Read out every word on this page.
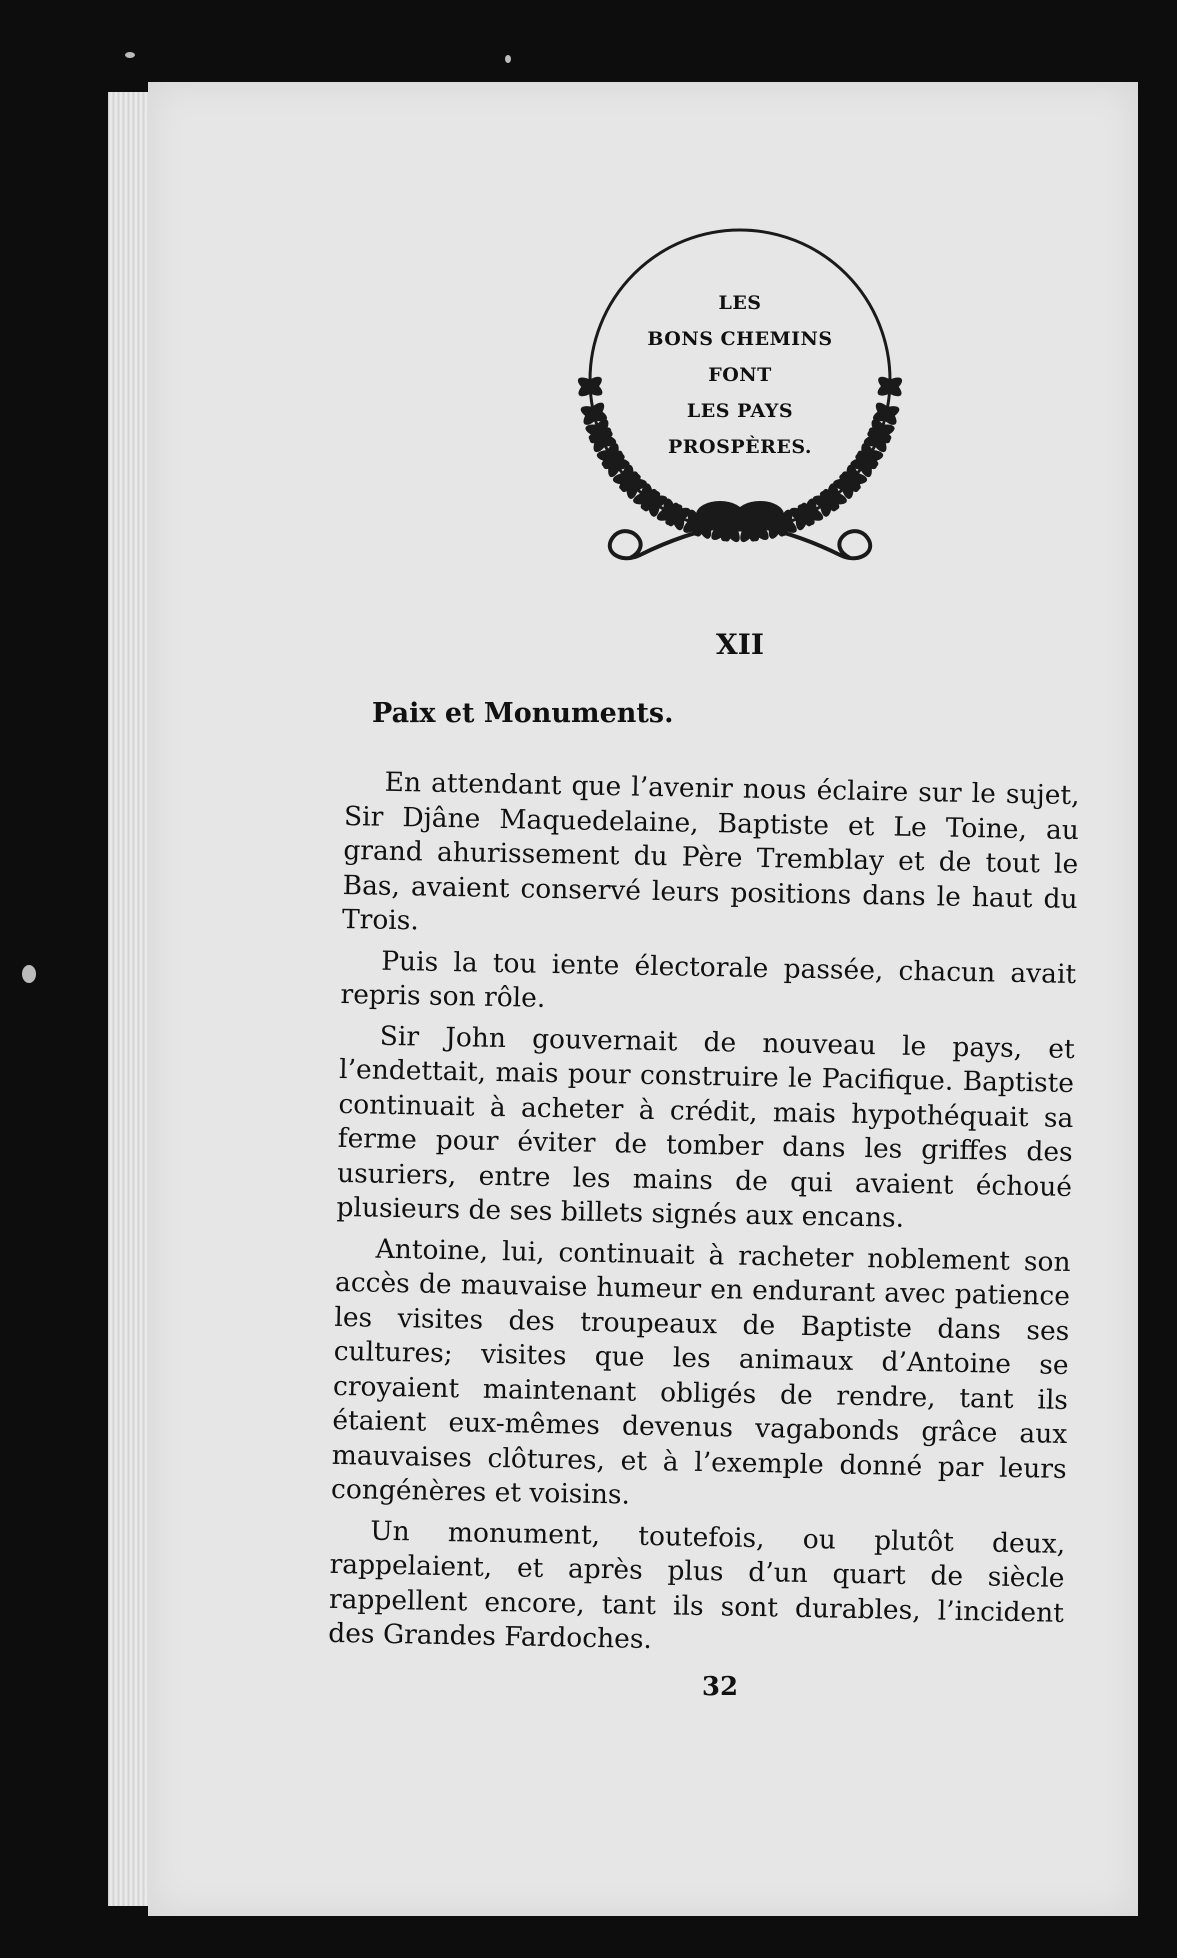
LES
BONS CHEMINS
FONT
LES PAYS
PROSPÈRES.
XII
Paix et Monuments.

En attendant que l’avenir nous éclaire sur le sujet, Sir Djâne Maquedelaine, Baptiste et Le Toine, au grand ahurissement du Père Tremblay et de tout le Bas, avaient conservé leurs positions dans le haut du Trois.

Puis la tou iente électorale passée, chacun avait repris son rôle.

Sir John gouvernait de nouveau le pays, et l’endettait, mais pour construire le Pacifique. Baptiste continuait à acheter à crédit, mais hypothéquait sa ferme pour éviter de tomber dans les griffes des usuriers, entre les mains de qui avaient échoué plusieurs de ses billets signés aux encans.

Antoine, lui, continuait à racheter noblement son accès de mauvaise humeur en endurant avec patience les visites des troupeaux de Baptiste dans ses cultures; visites que les animaux d’Antoine se croyaient maintenant obligés de rendre, tant ils étaient eux-mêmes devenus vagabonds grâce aux mauvaises clôtures, et à l’exemple donné par leurs congénères et voisins.

Un monument, toutefois, ou plutôt deux, rappelaient, et après plus d’un quart de siècle rappellent encore, tant ils sont durables, l’incident des Grandes Fardoches.

32
